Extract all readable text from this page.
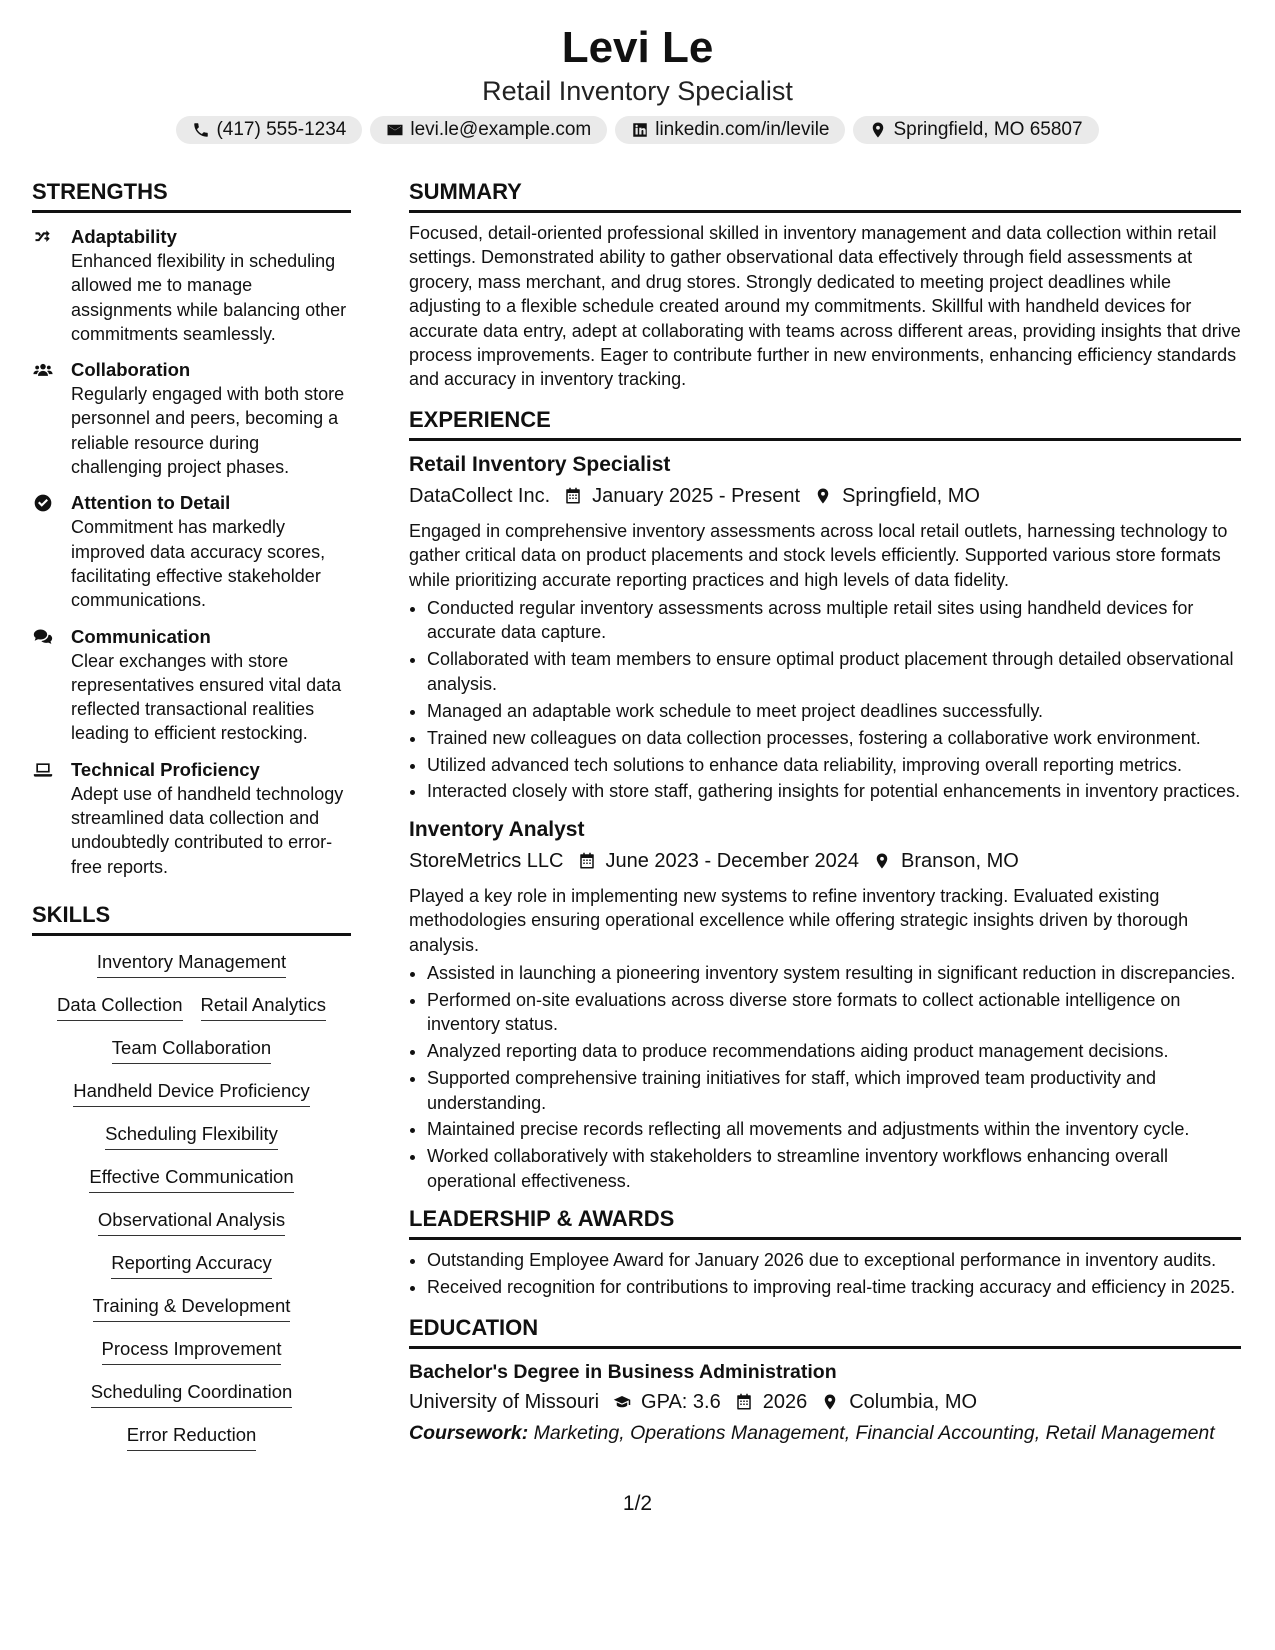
Levi Le

Retail Inventory Specialist

(417) 555-1234	levi.le@example.com	linkedin.com/in/levile	Springfield, MO 65807
STRENGTHS
Adaptability
Enhanced flexibility in scheduling allowed me to manage assignments while balancing other commitments seamlessly.
Collaboration
Regularly engaged with both store personnel and peers, becoming a reliable resource during challenging project phases.
Attention to Detail
Commitment has markedly improved data accuracy scores, facilitating effective stakeholder communications.
Communication
Clear exchanges with store representatives ensured vital data reflected transactional realities leading to efficient restocking.
Technical Proficiency
Adept use of handheld technology streamlined data collection and undoubtedly contributed to error-free reports.
SKILLS
Inventory Management
Data Collection Retail Analytics
Team Collaboration
Handheld Device Proficiency
Scheduling Flexibility
Effective Communication
Observational Analysis
Reporting Accuracy
Training & Development
Process Improvement
Scheduling Coordination
Error Reduction
SUMMARY

Focused, detail-oriented professional skilled in inventory management and data collection within retail settings. Demonstrated ability to gather observational data effectively through field assessments at grocery, mass merchant, and drug stores. Strongly dedicated to meeting project deadlines while adjusting to a flexible schedule created around my commitments. Skillful with handheld devices for accurate data entry, adept at collaborating with teams across different areas, providing insights that drive process improvements. Eager to contribute further in new environments, enhancing efficiency standards and accuracy in inventory tracking.

EXPERIENCE
Retail Inventory Specialist
DataCollect Inc. January 2025 - Present Springfield, MO

Engaged in comprehensive inventory assessments across local retail outlets, harnessing technology to gather critical data on product placements and stock levels efficiently. Supported various store formats while prioritizing accurate reporting practices and high levels of data fidelity.

• Conducted regular inventory assessments across multiple retail sites using handheld devices for accurate data capture.
• Collaborated with team members to ensure optimal product placement through detailed observational analysis.
• Managed an adaptable work schedule to meet project deadlines successfully.
• Trained new colleagues on data collection processes, fostering a collaborative work environment.
• Utilized advanced tech solutions to enhance data reliability, improving overall reporting metrics.
• Interacted closely with store staff, gathering insights for potential enhancements in inventory practices.
Inventory Analyst
StoreMetrics LLC June 2023 - December 2024 Branson, MO

Played a key role in implementing new systems to refine inventory tracking. Evaluated existing methodologies ensuring operational excellence while offering strategic insights driven by thorough analysis.

• Assisted in launching a pioneering inventory system resulting in significant reduction in discrepancies.
• Performed on-site evaluations across diverse store formats to collect actionable intelligence on inventory status.
• Analyzed reporting data to produce recommendations aiding product management decisions.
• Supported comprehensive training initiatives for staff, which improved team productivity and understanding.
• Maintained precise records reflecting all movements and adjustments within the inventory cycle.
• Worked collaboratively with stakeholders to streamline inventory workflows enhancing overall operational effectiveness.
LEADERSHIP & AWARDS
• Outstanding Employee Award for January 2026 due to exceptional performance in inventory audits.
• Received recognition for contributions to improving real-time tracking accuracy and efficiency in 2025.
EDUCATION
Bachelor's Degree in Business Administration
University of Missouri GPA: 3.6 2026 Columbia, MO
Coursework: Marketing, Operations Management, Financial Accounting, Retail Management
1/2
